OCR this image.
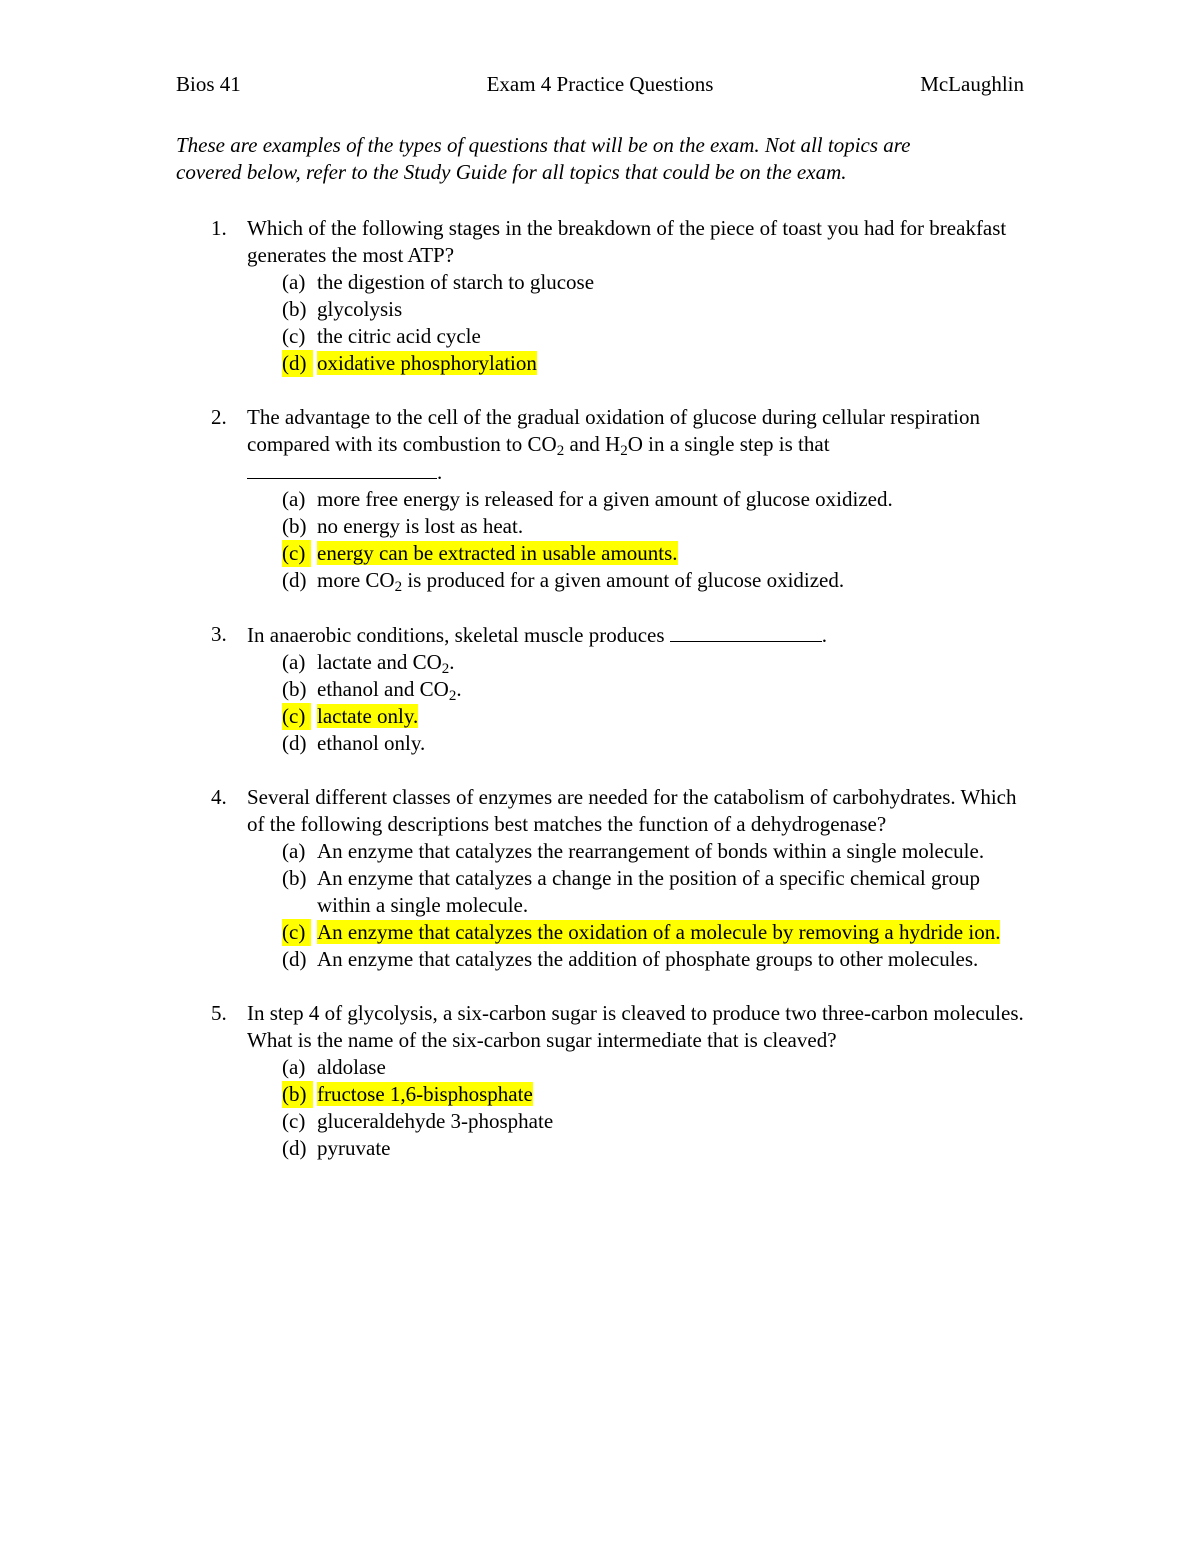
Exam 4 Practice Questions
Bios 41	McLaughlin

These are examples of the types of questions that will be on the exam. Not all topics are

covered below, refer to the Study Guide for all topics that could be on the exam.

1. Which of the following stages in the breakdown of the piece of toast you had for breakfast generates the most ATP?
(a) the digestion of starch to glucose
(b) glycolysis
(c) the citric acid cycle
(d) oxidative phosphorylation
2. The advantage to the cell of the gradual oxidation of glucose during cellular respiration compared with its combustion to $CO_2$ and $H_2O$ in a single step is that
.
(a) more free energy is released for a given amount of glucose oxidized.
(b) no energy is lost as heat.
(c) energy can be extracted in usable amounts.
(d) more $CO_2$ is produced for a given amount of glucose oxidized.
3. In anaerobic conditions, skeletal muscle produces	.
(a) lactate and $CO_2$.
(b) ethanol and $CO_2$.
(c) lactate only.
(d) ethanol only.
4. Several different classes of enzymes are needed for the catabolism of carbohydrates. Which of the following descriptions best matches the function of a dehydrogenase?
(a) An enzyme that catalyzes the rearrangement of bonds within a single molecule.
(b) An enzyme that catalyzes a change in the position of a specific chemical group within a single molecule.
(c) An enzyme that catalyzes the oxidation of a molecule by removing a hydride ion.
(d) An enzyme that catalyzes the addition of phosphate groups to other molecules.
5. In step 4 of glycolysis, a six-carbon sugar is cleaved to produce two three-carbon molecules. What is the name of the six-carbon sugar intermediate that is cleaved?
(a) aldolase
(b) fructose 1,6-bisphosphate
(c) gluceraldehyde 3-phosphate
(d) pyruvate
